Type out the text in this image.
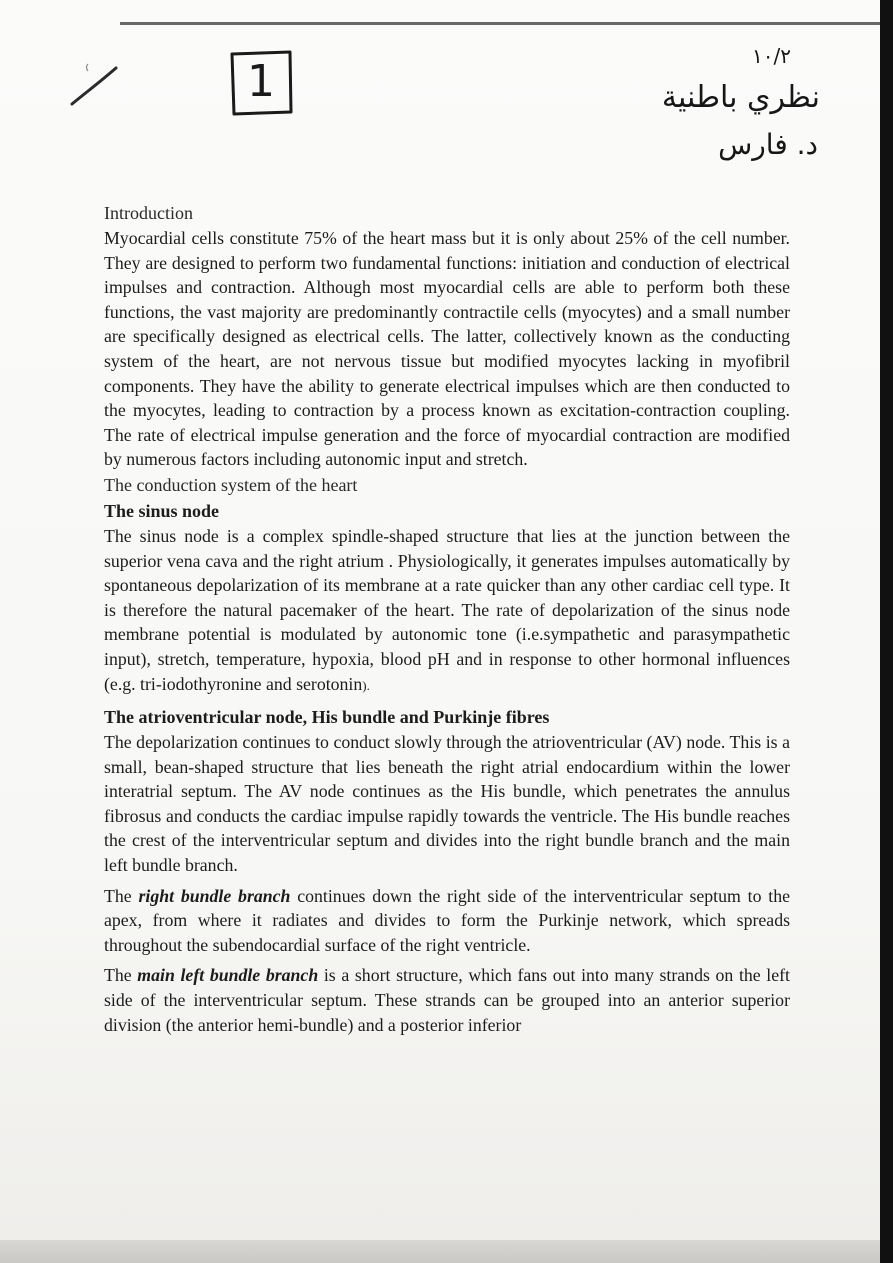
1	١٠/٢
نظري باطنية
د. فارس

Introduction

Myocardial cells constitute 75% of the heart mass but it is only about 25% of the cell number. They are designed to perform two fundamental functions: initiation and conduction of electrical impulses and contraction. Although most myocardial cells are able to perform both these functions, the vast majority are predominantly contractile cells (myocytes) and a small number are specifically designed as electrical cells. The latter, collectively known as the conducting system of the heart, are not nervous tissue but modified myocytes lacking in myofibril components. They have the ability to generate electrical impulses which are then conducted to the myocytes, leading to contraction by a process known as excitation-contraction coupling. The rate of electrical impulse generation and the force of myocardial contraction are modified by numerous factors including autonomic input and stretch.

The conduction system of the heart

The sinus node

The sinus node is a complex spindle-shaped structure that lies at the junction between the superior vena cava and the right atrium . Physiologically, it generates impulses automatically by spontaneous depolarization of its membrane at a rate quicker than any other cardiac cell type. It is therefore the natural pacemaker of the heart. The rate of depolarization of the sinus node membrane potential is modulated by autonomic tone (i.e.sympathetic and parasympathetic input), stretch, temperature, hypoxia, blood pH and in response to other hormonal influences (e.g. tri-iodothyronine and serotonin).

The atrioventricular node, His bundle and Purkinje fibres

The depolarization continues to conduct slowly through the atrioventricular (AV) node. This is a small, bean-shaped structure that lies beneath the right atrial endocardium within the lower interatrial septum. The AV node continues as the His bundle, which penetrates the annulus fibrosus and conducts the cardiac impulse rapidly towards the ventricle. The His bundle reaches the crest of the interventricular septum and divides into the right bundle branch and the main left bundle branch.

The right bundle branch continues down the right side of the interventricular septum to the apex, from where it radiates and divides to form the Purkinje network, which spreads throughout the subendocardial surface of the right ventricle.

The main left bundle branch is a short structure, which fans out into many strands on the left side of the interventricular septum. These strands can be grouped into an anterior superior division (the anterior hemi-bundle) and a posterior inferior
